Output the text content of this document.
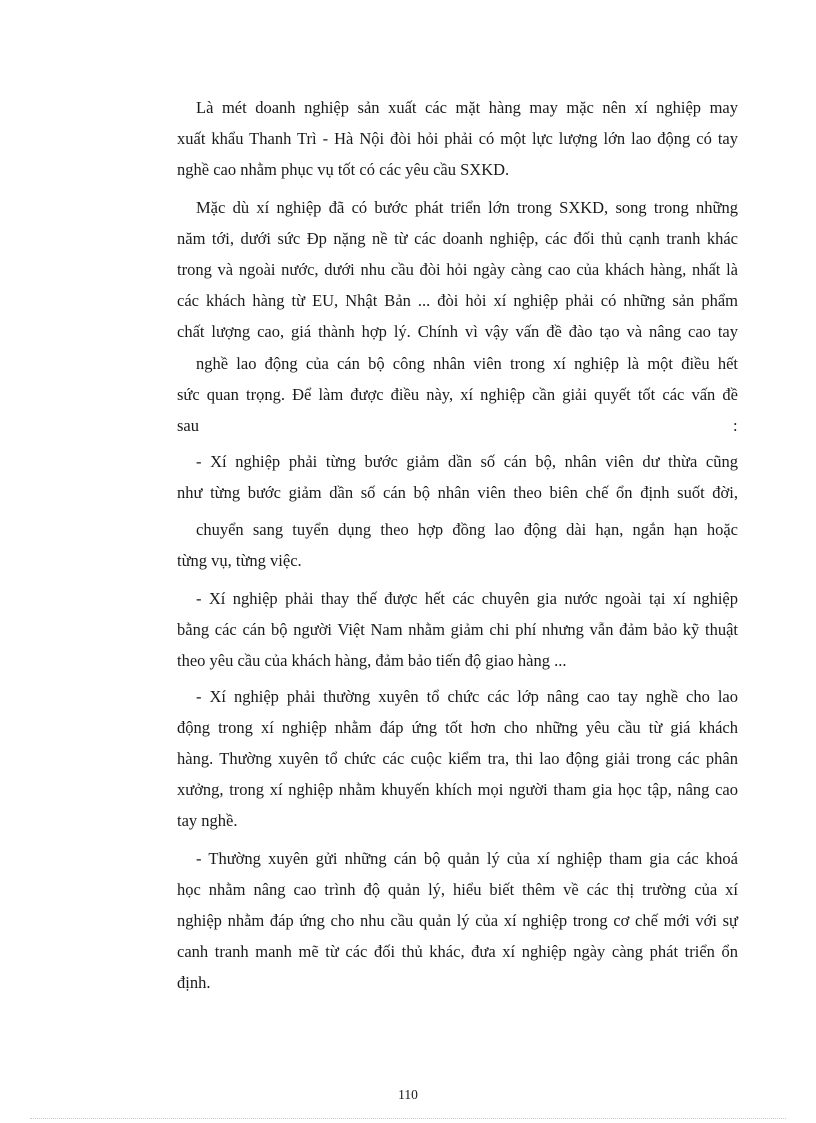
Là mét doanh nghiệp sản xuất các mặt hàng may mặc nên xí nghiệp may
xuất khẩu Thanh Trì - Hà Nội đòi hỏi phải có một lực lượng lớn lao động có tay
nghề cao nhằm phục vụ tốt có các yêu cầu SXKD.
Mặc dù xí nghiệp đã có bước phát triển lớn trong SXKD, song trong những
năm tới, dưới sức Đp nặng nề từ các doanh nghiệp, các đối thủ cạnh tranh khác
trong và ngoài nước, dưới nhu cầu đòi hỏi ngày càng cao của khách hàng, nhất là
các khách hàng từ EU, Nhật Bản ... đòi hỏi xí nghiệp phải có những sản phẩm
chất lượng cao, giá thành hợp lý. Chính vì vậy vấn đề đào tạo và nâng cao tay
nghề lao động của cán bộ công nhân viên trong xí nghiệp là một điều hết
sức quan trọng. Để làm được điều này, xí nghiệp cần giải quyết tốt các vấn đề
sau	:
- Xí nghiệp phải từng bước giảm dần số cán bộ, nhân viên dư thừa cũng
như từng bước giảm dần số cán bộ nhân viên theo biên chế ổn định suốt đời,
chuyển sang tuyển dụng theo hợp đồng lao động dài hạn, ngắn hạn hoặc
từng vụ, từng việc.
- Xí nghiệp phải thay thế được hết các chuyên gia nước ngoài tại xí nghiệp
bằng các cán bộ người Việt Nam nhằm giảm chi phí nhưng vẫn đảm bảo kỹ thuật
theo yêu cầu của khách hàng, đảm bảo tiến độ giao hàng ...
- Xí nghiệp phải thường xuyên tổ chức các lớp nâng cao tay nghề cho lao
động trong xí nghiệp nhằm đáp ứng tốt hơn cho những yêu cầu từ giá khách
hàng. Thường xuyên tổ chức các cuộc kiểm tra, thi lao động giải trong các phân
xưởng, trong xí nghiệp nhằm khuyến khích mọi người tham gia học tập, nâng cao
tay nghề.
- Thường xuyên gửi những cán bộ quản lý của xí nghiệp tham gia các khoá
học nhằm nâng cao trình độ quản lý, hiểu biết thêm về các thị trường của xí
nghiệp nhằm đáp ứng cho nhu cầu quản lý của xí nghiệp trong cơ chế mới với sự
canh tranh manh mẽ từ các đối thủ khác, đưa xí nghiệp ngày càng phát triển ổn
định.
110
